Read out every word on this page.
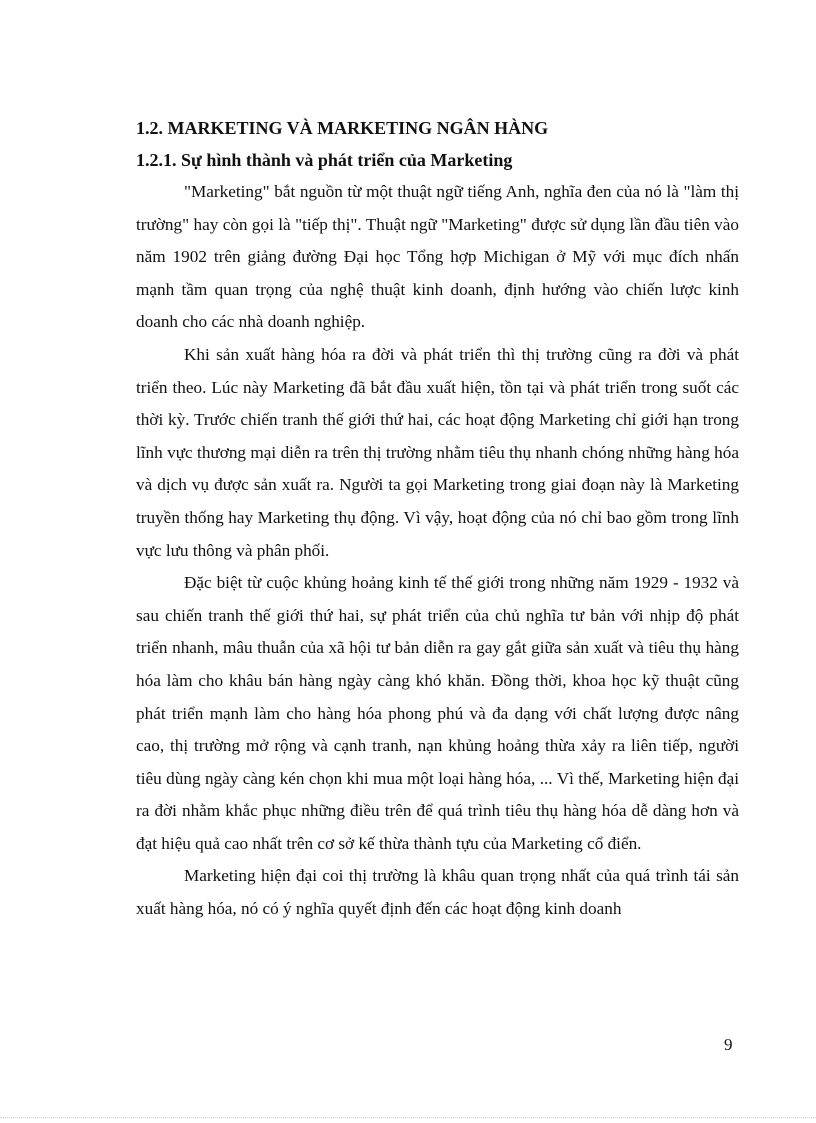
1.2. MARKETING VÀ MARKETING NGÂN HÀNG

1.2.1. Sự hình thành và phát triển của Marketing

"Marketing" bắt nguồn từ một thuật ngữ tiếng Anh, nghĩa đen của nó là "làm thị trường" hay còn gọi là "tiếp thị". Thuật ngữ "Marketing" được sử dụng lần đầu tiên vào năm 1902 trên giảng đường Đại học Tổng hợp Michigan ở Mỹ với mục đích nhấn mạnh tầm quan trọng của nghệ thuật kinh doanh, định hướng vào chiến lược kinh doanh cho các nhà doanh nghiệp.

Khi sản xuất hàng hóa ra đời và phát triển thì thị trường cũng ra đời và phát triển theo. Lúc này Marketing đã bắt đầu xuất hiện, tồn tại và phát triển trong suốt các thời kỳ. Trước chiến tranh thế giới thứ hai, các hoạt động Marketing chỉ giới hạn trong lĩnh vực thương mại diễn ra trên thị trường nhằm tiêu thụ nhanh chóng những hàng hóa và dịch vụ được sản xuất ra. Người ta gọi Marketing trong giai đoạn này là Marketing truyền thống hay Marketing thụ động. Vì vậy, hoạt động của nó chỉ bao gồm trong lĩnh vực lưu thông và phân phối.

Đặc biệt từ cuộc khủng hoảng kinh tế thế giới trong những năm 1929 - 1932 và sau chiến tranh thế giới thứ hai, sự phát triển của chủ nghĩa tư bản với nhịp độ phát triển nhanh, mâu thuẫn của xã hội tư bản diễn ra gay gắt giữa sản xuất và tiêu thụ hàng hóa làm cho khâu bán hàng ngày càng khó khăn. Đồng thời, khoa học kỹ thuật cũng phát triển mạnh làm cho hàng hóa phong phú và đa dạng với chất lượng được nâng cao, thị trường mở rộng và cạnh tranh, nạn khủng hoảng thừa xảy ra liên tiếp, người tiêu dùng ngày càng kén chọn khi mua một loại hàng hóa, ... Vì thế, Marketing hiện đại ra đời nhằm khắc phục những điều trên để quá trình tiêu thụ hàng hóa dễ dàng hơn và đạt hiệu quả cao nhất trên cơ sở kế thừa thành tựu của Marketing cổ điển.

Marketing hiện đại coi thị trường là khâu quan trọng nhất của quá trình tái sản xuất hàng hóa, nó có ý nghĩa quyết định đến các hoạt động kinh doanh

9
